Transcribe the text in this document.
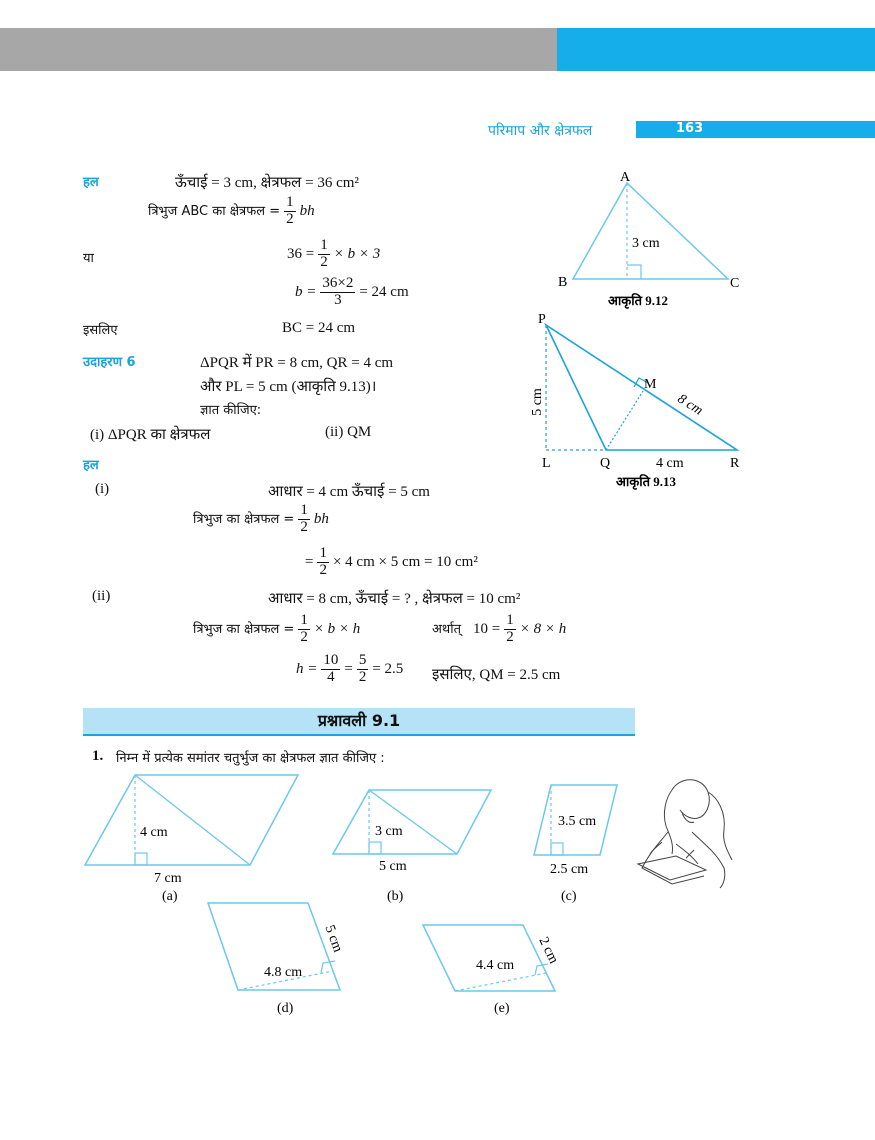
परिमाप और क्षेत्रफल	163
हल	ऊँचाई = 3 cm, क्षेत्रफल = 36 cm²
त्रिभुज ABC का क्षेत्रफल = $\frac{1}{2}$ bh
या	$36 = \frac{1}{2} \times b \times 3$
$b = \frac{36\times 2}{3} = 24$ cm
इसलिए	BC = 24 cm
उदाहरण 6	ΔPQR में PR = 8 cm, QR = 4 cm
और PL = 5 cm (आकृति 9.13)।
ज्ञात कीजिए:
(i) ΔPQR का क्षेत्रफल	(ii) QM
हल
(i)	आधार = 4 cm ऊँचाई = 5 cm
त्रिभुज का क्षेत्रफल = $\frac{1}{2}$ bh
= $\frac{1}{2} \times 4$ cm × 5 cm = 10 cm²
(ii)	आधार = 8 cm, ऊँचाई = ? , क्षेत्रफल = 10 cm²
त्रिभुज का क्षेत्रफल = $\frac{1}{2} \times b \times h$	अर्थात् $10 = \frac{1}{2} \times 8 \times h$
$h = \frac{10}{4} = \frac{5}{2} = 2.5$ इसलिए, QM = 2.5 cm
A
B	C
3 cm
आकृति 9.12
P
M
L	Q	R
5 cm	8 cm
4 cm
आकृति 9.13
प्रश्नावली 9.1
1. निम्न में प्रत्येक समांतर चतुर्भुज का क्षेत्रफल ज्ञात कीजिए :
4 cm
7 cm
(a)
3 cm
5 cm
(b)
3.5 cm
2.5 cm
(c)
4.8 cm
5 cm
(d)
4.4 cm 2 cm
(e)
